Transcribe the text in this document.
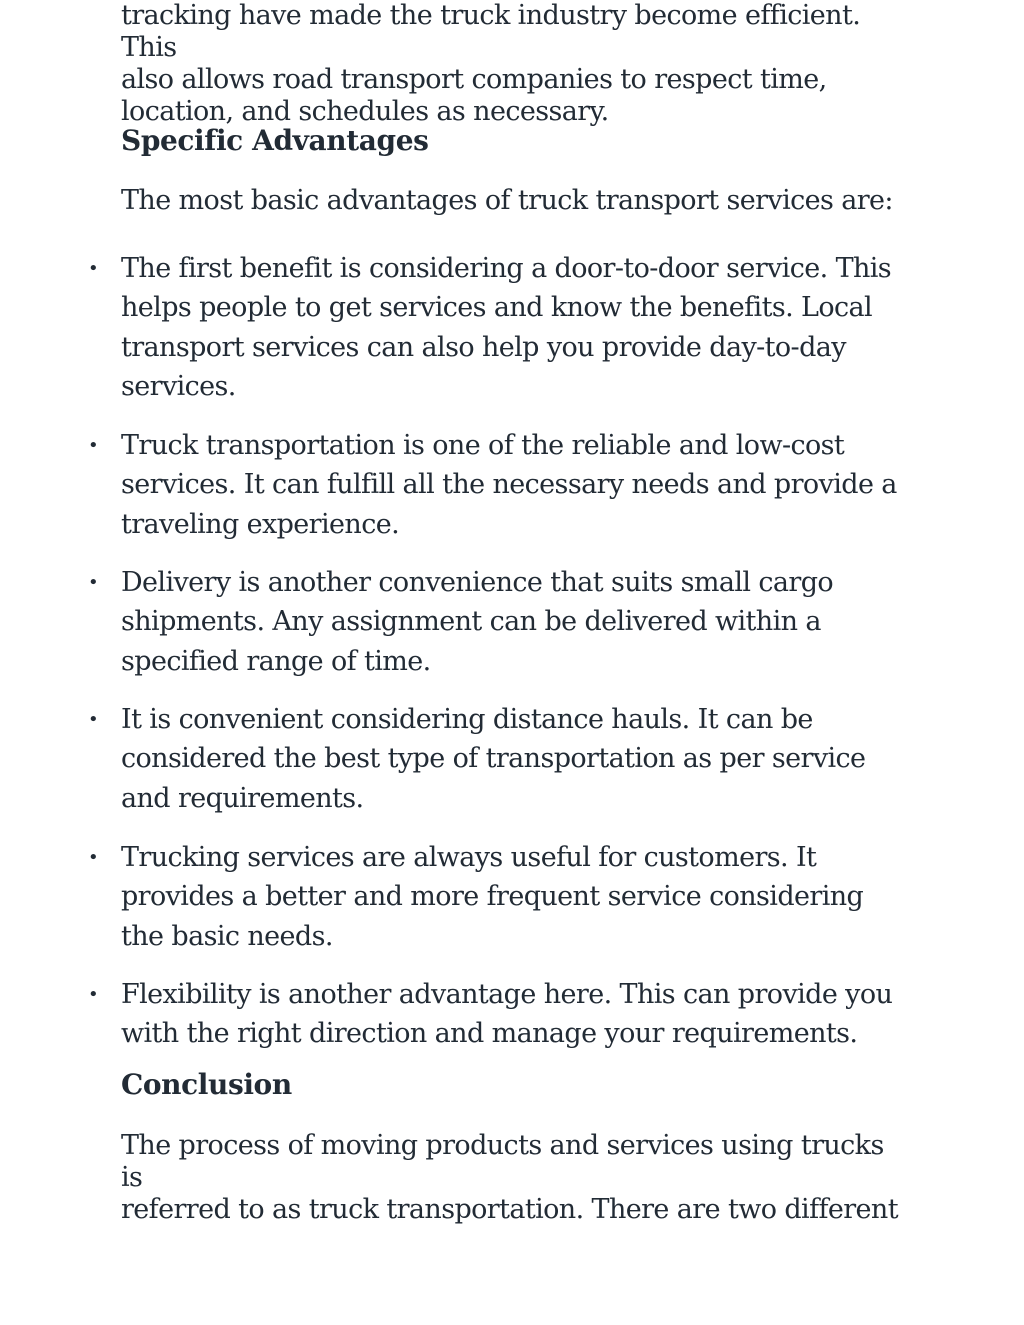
tracking have made the truck industry become efficient. This

also allows road transport companies to respect time,

location, and schedules as necessary.

Specific Advantages

The most basic advantages of truck transport services are:

• The first benefit is considering a door-to-door service. This helps people to get services and know the benefits. Local transport services can also help you provide day-to-day services.
• Truck transportation is one of the reliable and low-cost services. It can fulfill all the necessary needs and provide a traveling experience.
• Delivery is another convenience that suits small cargo shipments. Any assignment can be delivered within a specified range of time.
• It is convenient considering distance hauls. It can be considered the best type of transportation as per service and requirements.
• Trucking services are always useful for customers. It provides a better and more frequent service considering the basic needs.
• Flexibility is another advantage here. This can provide you with the right direction and manage your requirements.
Conclusion

The process of moving products and services using trucks is

referred to as truck transportation. There are two different
